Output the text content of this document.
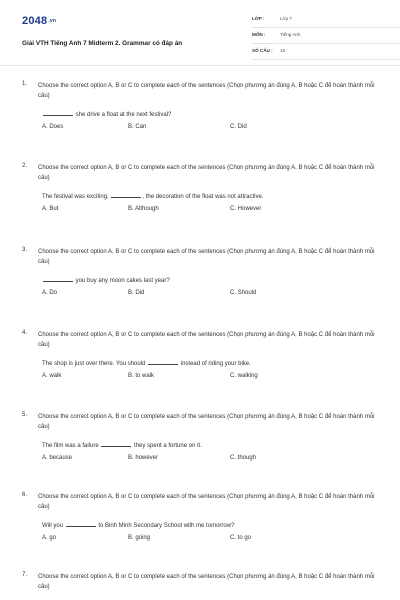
2048.vn
Giải VTH Tiếng Anh 7 Midterm 2. Grammar có đáp án
LỚP :	Lớp 7
MÔN :	Tiếng Anh
SỐ CÂU : 15
1. Choose the correct option A, B or C to complete each of the sentences (Chọn phương án đúng A, B hoặc C để hoàn thành mỗi câu)
she drive a float at the next festival?
A. Does	B. Can	C. Did
2. Choose the correct option A, B or C to complete each of the sentences (Chọn phương án đúng A, B hoặc C để hoàn thành mỗi câu)
The festival was exciting.	, the decoration of the float was not attractive.
A. But	B. Although	C. However
3. Choose the correct option A, B or C to complete each of the sentences (Chọn phương án đúng A, B hoặc C để hoàn thành mỗi câu)
you buy any moon cakes last year?
A. Do	B. Did	C. Should
4. Choose the correct option A, B or C to complete each of the sentences (Chọn phương án đúng A, B hoặc C để hoàn thành mỗi câu)
The shop is just over there. You should	instead of riding your bike.
A. walk	B. to walk	C. walking
5. Choose the correct option A, B or C to complete each of the sentences (Chọn phương án đúng A, B hoặc C để hoàn thành mỗi câu)
The film was a failure	they spent a fortune on it.
A. because	B. however	C. though
6. Choose the correct option A, B or C to complete each of the sentences (Chọn phương án đúng A, B hoặc C để hoàn thành mỗi câu)
Will you	to Binh Minh Secondary School with me tomorrow?
A. go	B. going	C. to go
7. Choose the correct option A, B or C to complete each of the sentences (Chọn phương án đúng A, B hoặc C để hoàn thành mỗi câu)
